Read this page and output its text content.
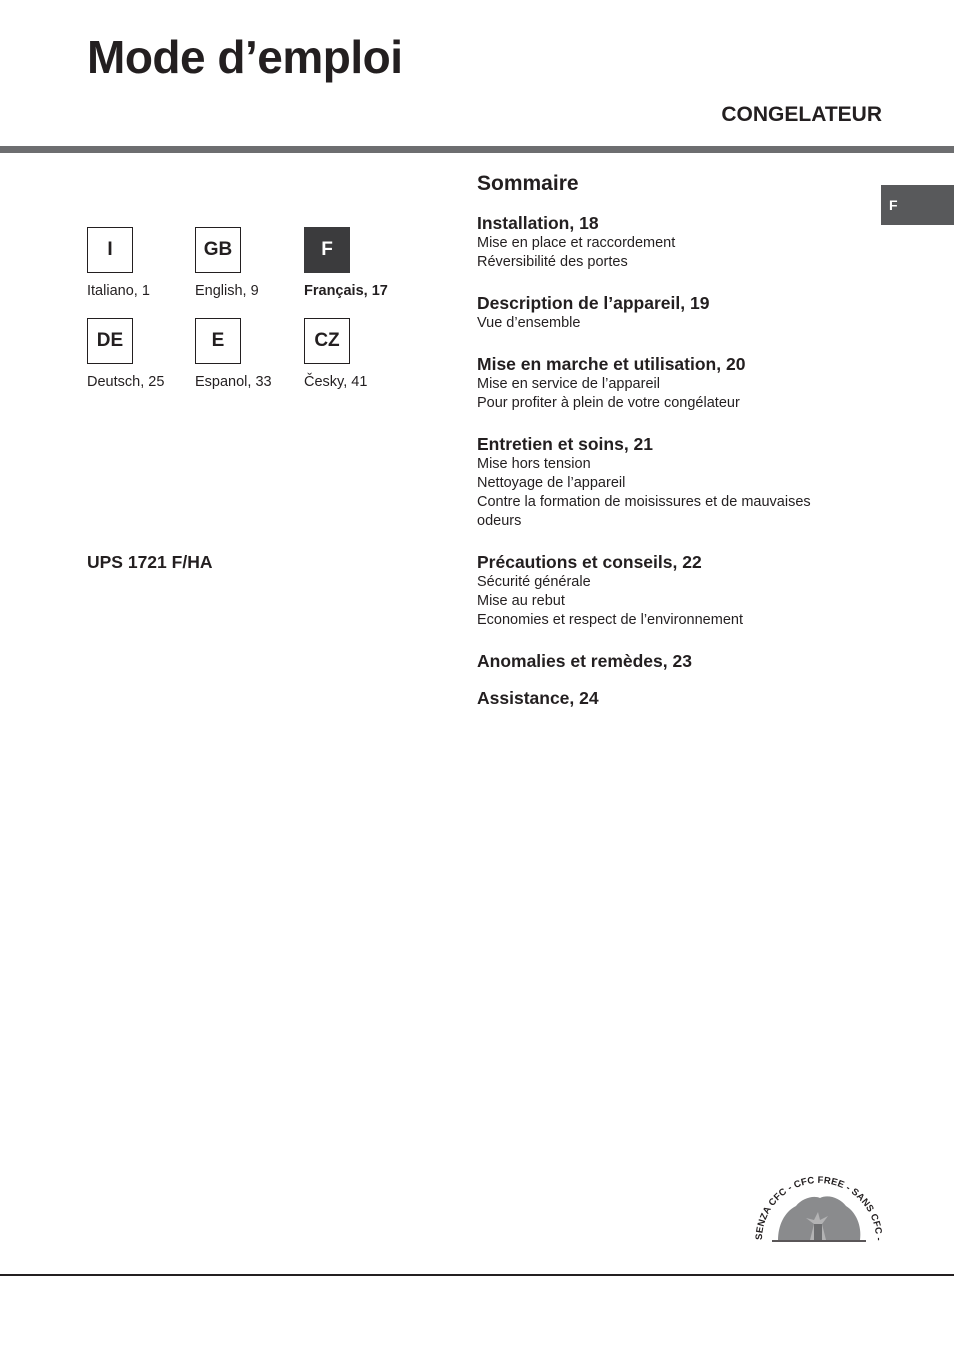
Mode d’emploi
CONGELATEUR
F
I
Italiano, 1
GB
English, 9
F
Français, 17
DE
Deutsch, 25
E
Espanol, 33
CZ
Česky, 41
UPS 1721 F/HA
Sommaire
Installation, 18
Mise en place et raccordement
Réversibilité des portes
Description de l’appareil, 19
Vue d’ensemble
Mise en marche et utilisation, 20
Mise en service de l’appareil
Pour profiter à plein de votre congélateur
Entretien et soins, 21
Mise hors tension
Nettoyage de l’appareil
Contre la formation de moisissures et de mauvaises odeurs
Précautions et conseils, 22
Sécurité générale
Mise au rebut
Economies et respect de l’environnement
Anomalies et remèdes, 23
Assistance, 24
SENZA CFC - CFC FREE - SANS CFC -
